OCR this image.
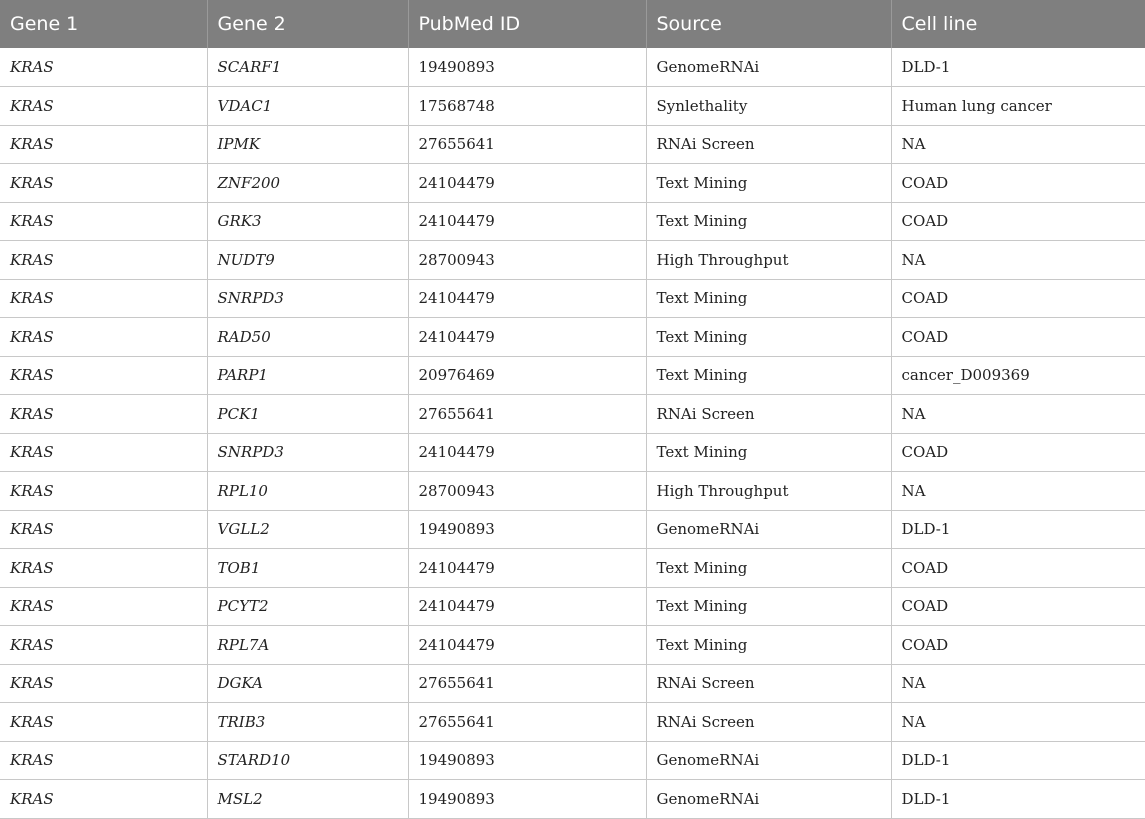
Gene 1	Gene 2	PubMed ID	Source	Cell line
KRAS	SCARF1	19490893	GenomeRNAi	DLD-1
KRAS	VDAC1	17568748	Synlethality	Human lung cancer
KRAS	IPMK	27655641	RNAi Screen	NA
KRAS	ZNF200	24104479	Text Mining	COAD
KRAS	GRK3	24104479	Text Mining	COAD
KRAS	NUDT9	28700943	High Throughput	NA
KRAS	SNRPD3	24104479	Text Mining	COAD
KRAS	RAD50	24104479	Text Mining	COAD
KRAS	PARP1	20976469	Text Mining	cancer_D009369
KRAS	PCK1	27655641	RNAi Screen	NA
KRAS	SNRPD3	24104479	Text Mining	COAD
KRAS	RPL10	28700943	High Throughput	NA
KRAS	VGLL2	19490893	GenomeRNAi	DLD-1
KRAS	TOB1	24104479	Text Mining	COAD
KRAS	PCYT2	24104479	Text Mining	COAD
KRAS	RPL7A	24104479	Text Mining	COAD
KRAS	DGKA	27655641	RNAi Screen	NA
KRAS	TRIB3	27655641	RNAi Screen	NA
KRAS	STARD10	19490893	GenomeRNAi	DLD-1
KRAS	MSL2	19490893	GenomeRNAi	DLD-1
